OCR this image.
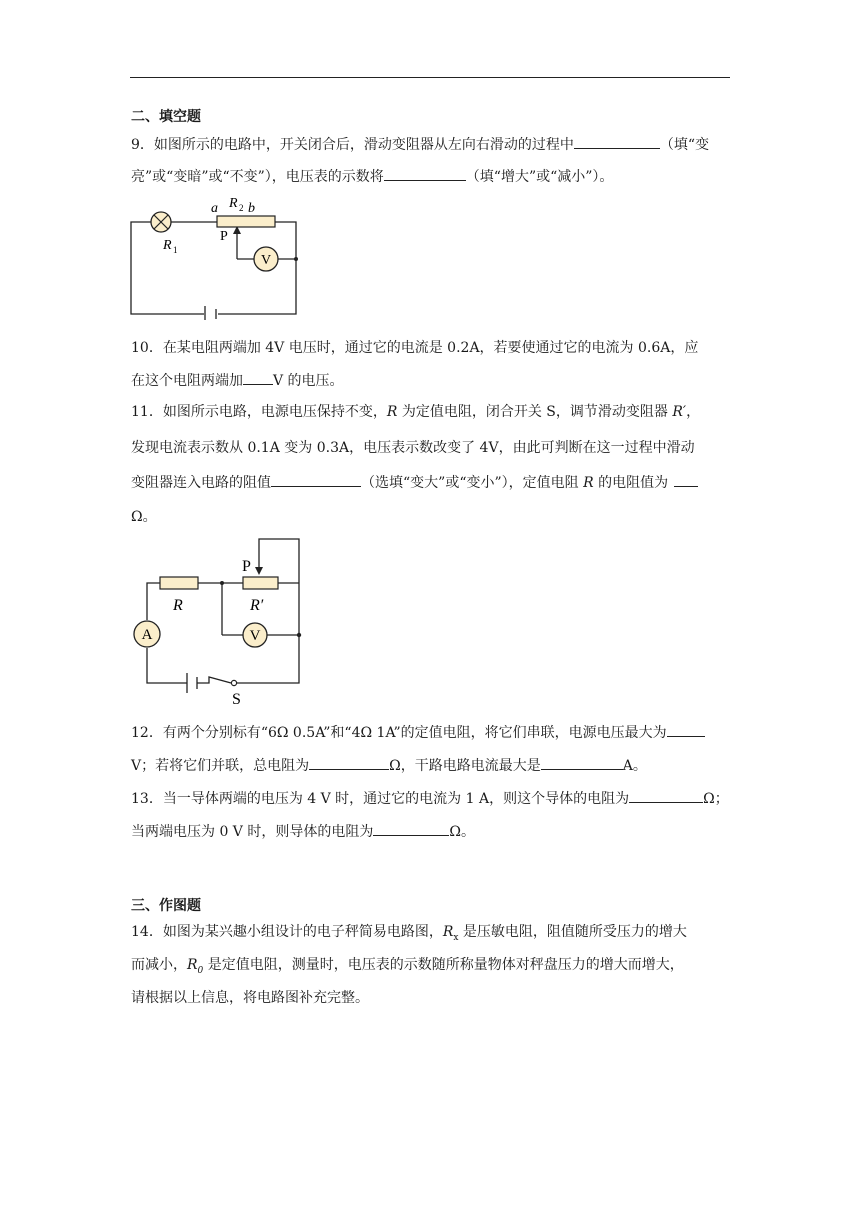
二、填空题
9．如图所示的电路中，开关闭合后，滑动变阻器从左向右滑动的过程中	（填“变
亮”或“变暗”或“不变”），电压表的示数将	（填“增大”或“减小”）。
V
a R 2 b
P
R 1
10．在某电阻两端加 4V 电压时，通过它的电流是 0.2A，若要使通过它的电流为 0.6A，应
在这个电阻两端加 V 的电压。
11．如图所示电路，电源电压保持不变，R 为定值电阻，闭合开关 S，调节滑动变阻器 R′，
发现电流表示数从 0.1A 变为 0.3A，电压表示数改变了 4V，由此可判断在这一过程中滑动
变阻器连入电路的阻值	（选填“变大”或“变小”），定值电阻 R 的电阻值为
Ω。
A	V
P
R	R′
S
12．有两个分别标有“6Ω 0.5A”和“4Ω 1A”的定值电阻，将它们串联，电源电压最大为
V；若将它们并联，总电阻为	Ω，干路电路电流最大是	A。
13．当一导体两端的电压为 4 V 时，通过它的电流为 1 A，则这个导体的电阻为	Ω；
当两端电压为 0 V 时，则导体的电阻为	Ω。
三、作图题
14．如图为某兴趣小组设计的电子秤简易电路图，$R_x$ 是压敏电阻，阻值随所受压力的增大
而减小，$R_0$ 是定值电阻，测量时，电压表的示数随所称量物体对秤盘压力的增大而增大，
请根据以上信息，将电路图补充完整。
